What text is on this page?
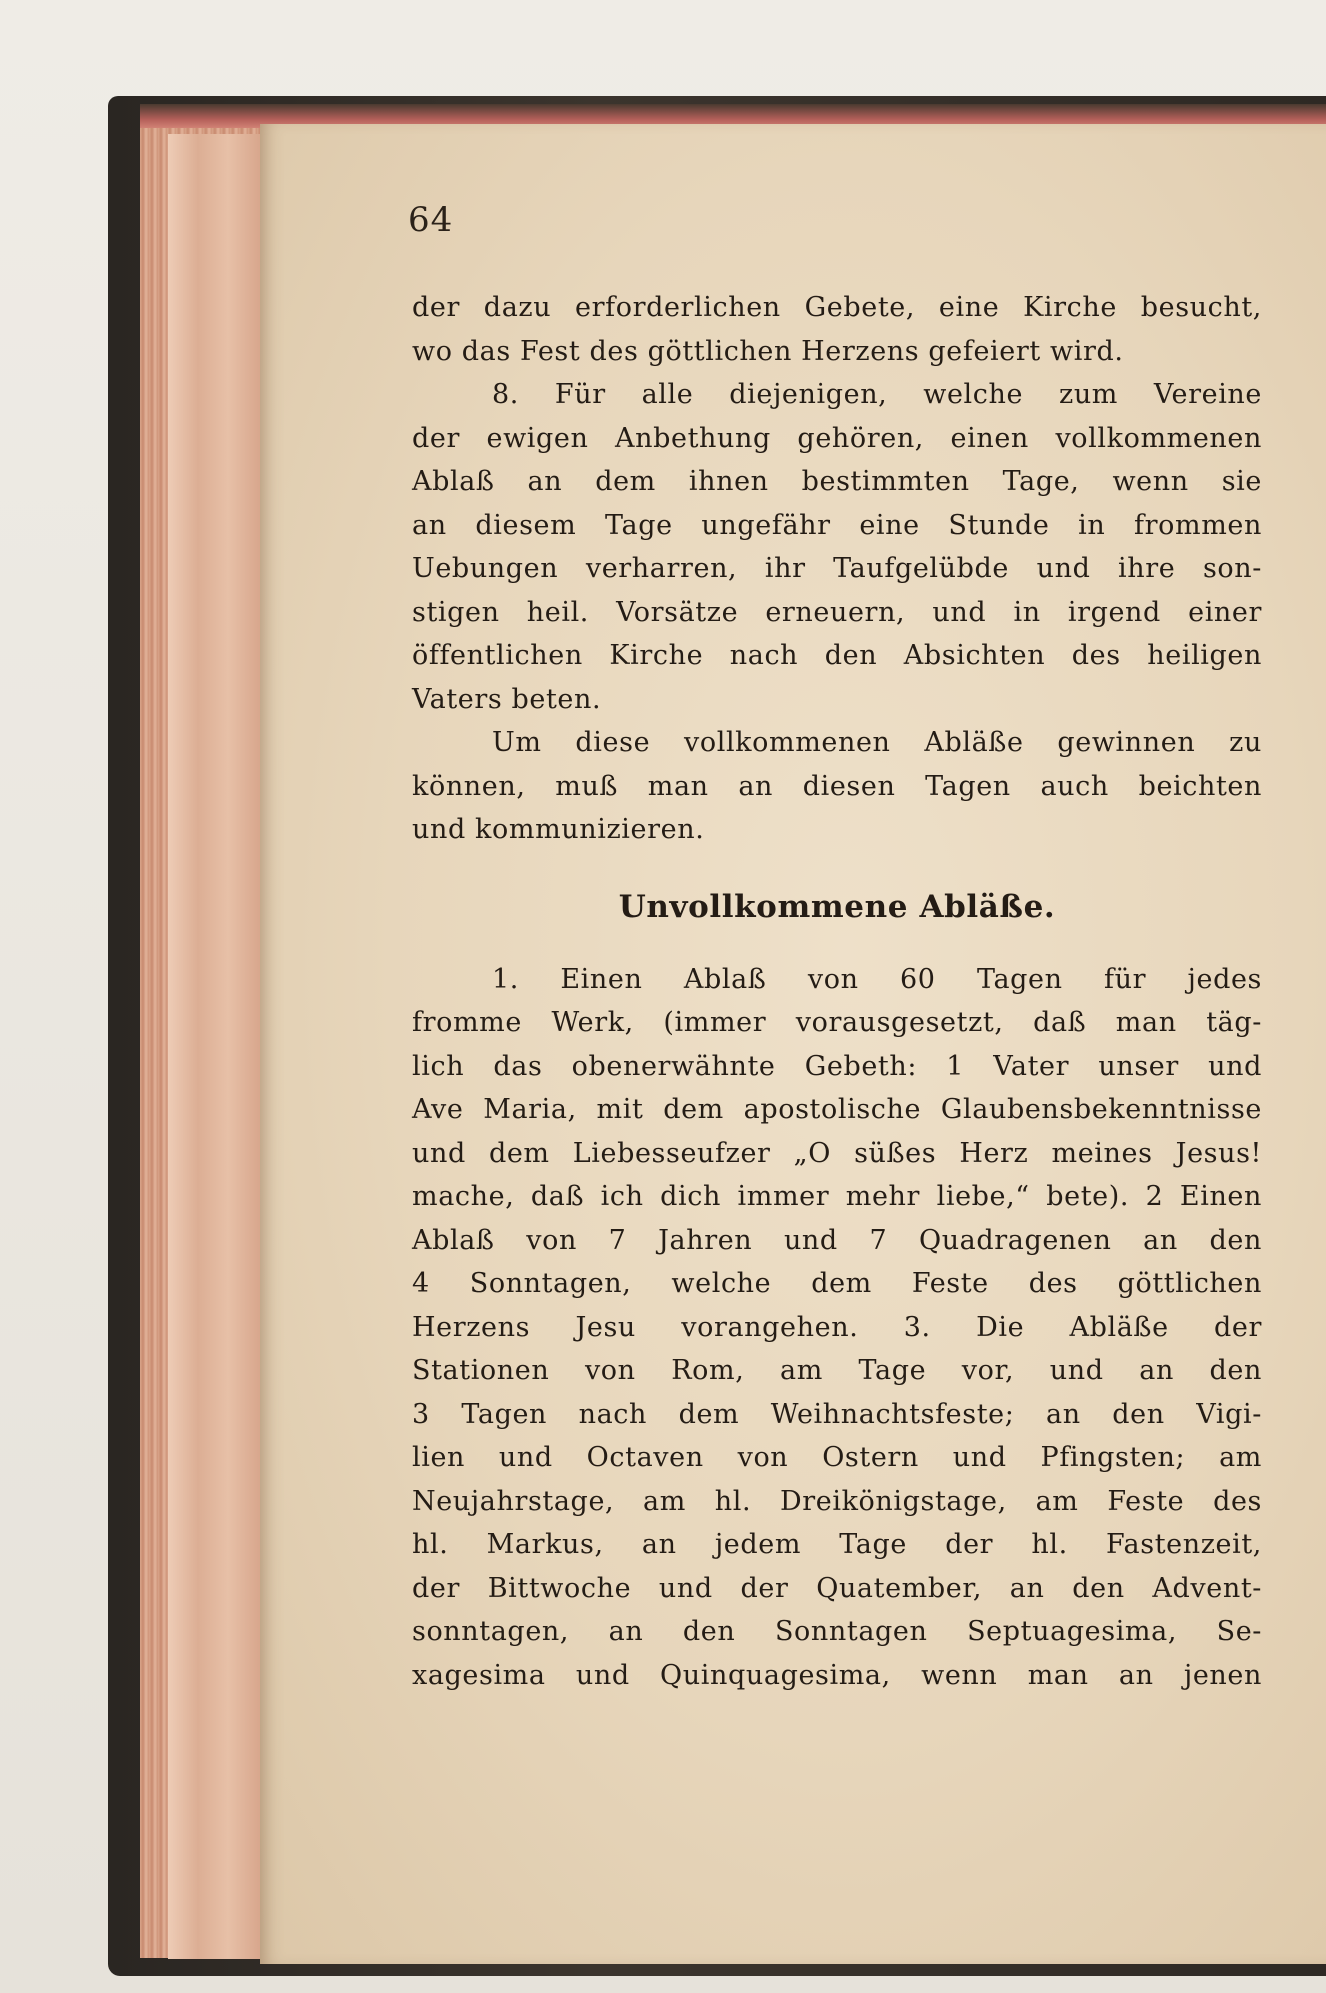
64
der dazu erforderlichen Gebete, eine Kirche besucht,
wo das Fest des göttlichen Herzens gefeiert wird.
8. Für alle diejenigen, welche zum Vereine
der ewigen Anbethung gehören, einen vollkommenen
Ablaß an dem ihnen bestimmten Tage, wenn sie
an diesem Tage ungefähr eine Stunde in frommen
Uebungen verharren, ihr Taufgelübde und ihre son-
stigen heil. Vorsätze erneuern, und in irgend einer
öffentlichen Kirche nach den Absichten des heiligen
Vaters beten.
Um diese vollkommenen Abläße gewinnen zu
können, muß man an diesen Tagen auch beichten
und kommunizieren.
Unvollkommene Abläße.
1. Einen Ablaß von 60 Tagen für jedes
fromme Werk, (immer vorausgesetzt, daß man täg-
lich das obenerwähnte Gebeth: 1 Vater unser und
Ave Maria, mit dem apostolische Glaubensbekenntnisse
und dem Liebesseufzer „O süßes Herz meines Jesus!
mache, daß ich dich immer mehr liebe,“ bete). 2 Einen
Ablaß von 7 Jahren und 7 Quadragenen an den
4 Sonntagen, welche dem Feste des göttlichen
Herzens Jesu vorangehen. 3. Die Abläße der
Stationen von Rom, am Tage vor, und an den
3 Tagen nach dem Weihnachtsfeste; an den Vigi-
lien und Octaven von Ostern und Pfingsten; am
Neujahrstage, am hl. Dreikönigstage, am Feste des
hl. Markus, an jedem Tage der hl. Fastenzeit,
der Bittwoche und der Quatember, an den Advent-
sonntagen, an den Sonntagen Septuagesima, Se-
xagesima und Quinquagesima, wenn man an jenen
